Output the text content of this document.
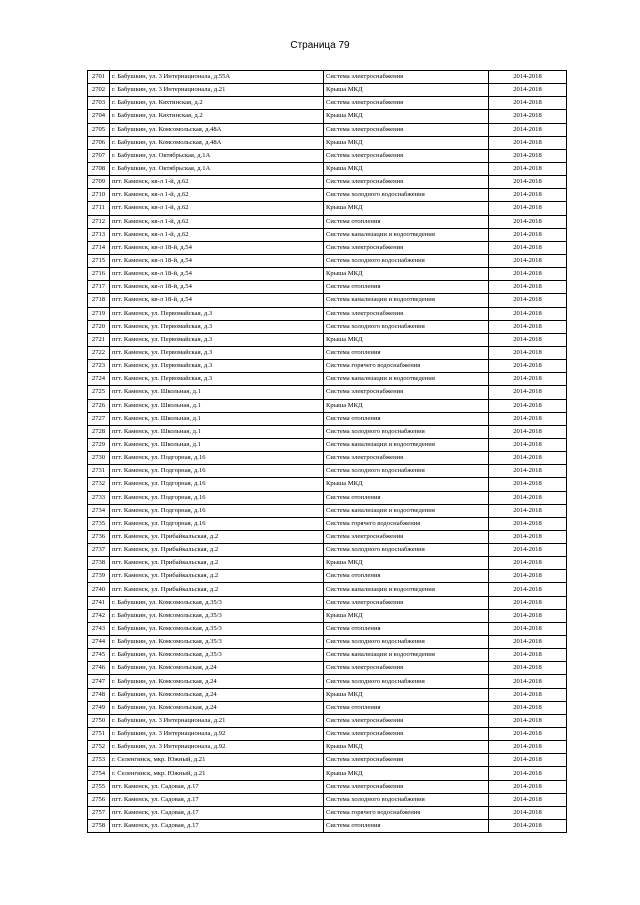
Страница 79
2701	г. Бабушкин, ул. 3 Интернационала, д.55А	Система электроснабжения	2014-2018
2702	г. Бабушкин, ул. 3 Интернационала, д.21	Крыша МКД	2014-2018
2703	г. Бабушкин, ул. Кяхтинская, д.2	Система электроснабжения	2014-2018
2704	г. Бабушкин, ул. Кяхтинская, д.2	Крыша МКД	2014-2018
2705	г. Бабушкин, ул. Комсомольская, д.48А	Система электроснабжения	2014-2018
2706	г. Бабушкин, ул. Комсомольская, д.48А	Крыша МКД	2014-2018
2707	г. Бабушкин, ул. Октябрьская, д.1А	Система электроснабжения	2014-2018
2708	г. Бабушкин, ул. Октябрьская, д.1А	Крыша МКД	2014-2018
2709	пгт. Каменск, кв-л 1-й, д.62	Система электроснабжения	2014-2018
2710	пгт. Каменск, кв-л 1-й, д.62	Система холодного водоснабжения	2014-2018
2711	пгт. Каменск, кв-л 1-й, д.62	Крыша МКД	2014-2018
2712	пгт. Каменск, кв-л 1-й, д.62	Система отопления	2014-2018
2713	пгт. Каменск, кв-л 1-й, д.62	Система канализации и водоотведения	2014-2018
2714	пгт. Каменск, кв-л 18-й, д.54	Система электроснабжения	2014-2018
2715	пгт. Каменск, кв-л 18-й, д.54	Система холодного водоснабжения	2014-2018
2716	пгт. Каменск, кв-л 18-й, д.54	Крыша МКД	2014-2018
2717	пгт. Каменск, кв-л 18-й, д.54	Система отопления	2014-2018
2718	пгт. Каменск, кв-л 18-й, д.54	Система канализации и водоотведения	2014-2018
2719	пгт. Каменск, ул. Первомайская, д.3	Система электроснабжения	2014-2018
2720	пгт. Каменск, ул. Первомайская, д.3	Система холодного водоснабжения	2014-2018
2721	пгт. Каменск, ул. Первомайская, д.3	Крыша МКД	2014-2018
2722	пгт. Каменск, ул. Первомайская, д.3	Система отопления	2014-2018
2723	пгт. Каменск, ул. Первомайская, д.3	Система горячего водоснабжения	2014-2018
2724	пгт. Каменск, ул. Первомайская, д.3	Система канализации и водоотведения	2014-2018
2725	пгт. Каменск, ул. Школьная, д.1	Система электроснабжения	2014-2018
2726	пгт. Каменск, ул. Школьная, д.1	Крыша МКД	2014-2018
2727	пгт. Каменск, ул. Школьная, д.1	Система отопления	2014-2018
2728	пгт. Каменск, ул. Школьная, д.1	Система холодного водоснабжения	2014-2018
2729	пгт. Каменск, ул. Школьная, д.1	Система канализации и водоотведения	2014-2018
2730	пгт. Каменск, ул. Подгорная, д.16	Система электроснабжения	2014-2018
2731	пгт. Каменск, ул. Подгорная, д.16	Система холодного водоснабжения	2014-2018
2732	пгт. Каменск, ул. Подгорная, д.16	Крыша МКД	2014-2018
2733	пгт. Каменск, ул. Подгорная, д.16	Система отопления	2014-2018
2734	пгт. Каменск, ул. Подгорная, д.16	Система канализации и водоотведения	2014-2018
2735	пгт. Каменск, ул. Подгорная, д.16	Система горячего водоснабжения	2014-2018
2736	пгт. Каменск, ул. Прибайкальская, д.2	Система электроснабжения	2014-2018
2737	пгт. Каменск, ул. Прибайкальская, д.2	Система холодного водоснабжения	2014-2018
2738	пгт. Каменск, ул. Прибайкальская, д.2	Крыша МКД	2014-2018
2739	пгт. Каменск, ул. Прибайкальская, д.2	Система отопления	2014-2018
2740	пгт. Каменск, ул. Прибайкальская, д.2	Система канализации и водоотведения	2014-2018
2741	г. Бабушкин, ул. Комсомольская, д.35/3	Система электроснабжения	2014-2018
2742	г. Бабушкин, ул. Комсомольская, д.35/3	Крыша МКД	2014-2018
2743	г. Бабушкин, ул. Комсомольская, д.35/3	Система отопления	2014-2018
2744	г. Бабушкин, ул. Комсомольская, д.35/3	Система холодного водоснабжения	2014-2018
2745	г. Бабушкин, ул. Комсомольская, д.35/3	Система канализации и водоотведения	2014-2018
2746	г. Бабушкин, ул. Комсомольская, д.24	Система электроснабжения	2014-2018
2747	г. Бабушкин, ул. Комсомольская, д.24	Система холодного водоснабжения	2014-2018
2748	г. Бабушкин, ул. Комсомольская, д.24	Крыша МКД	2014-2018
2749	г. Бабушкин, ул. Комсомольская, д.24	Система отопления	2014-2018
2750	г. Бабушкин, ул. 3 Интернационала, д.21	Система электроснабжения	2014-2018
2751	г. Бабушкин, ул. 3 Интернационала, д.92	Система электроснабжения	2014-2018
2752	г. Бабушкин, ул. 3 Интернационала, д.92	Крыша МКД	2014-2018
2753	г. Селенгинск, мкр. Южный, д.21	Система электроснабжения	2014-2018
2754	г. Селенгинск, мкр. Южный, д.21	Крыша МКД	2014-2018
2755	пгт. Каменск, ул. Садовая, д.17	Система электроснабжения	2014-2018
2756	пгт. Каменск, ул. Садовая, д.17	Система холодного водоснабжения	2014-2018
2757	пгт. Каменск, ул. Садовая, д.17	Система горячего водоснабжения	2014-2018
2758	пгт. Каменск, ул. Садовая, д.17	Система отопления	2014-2018
